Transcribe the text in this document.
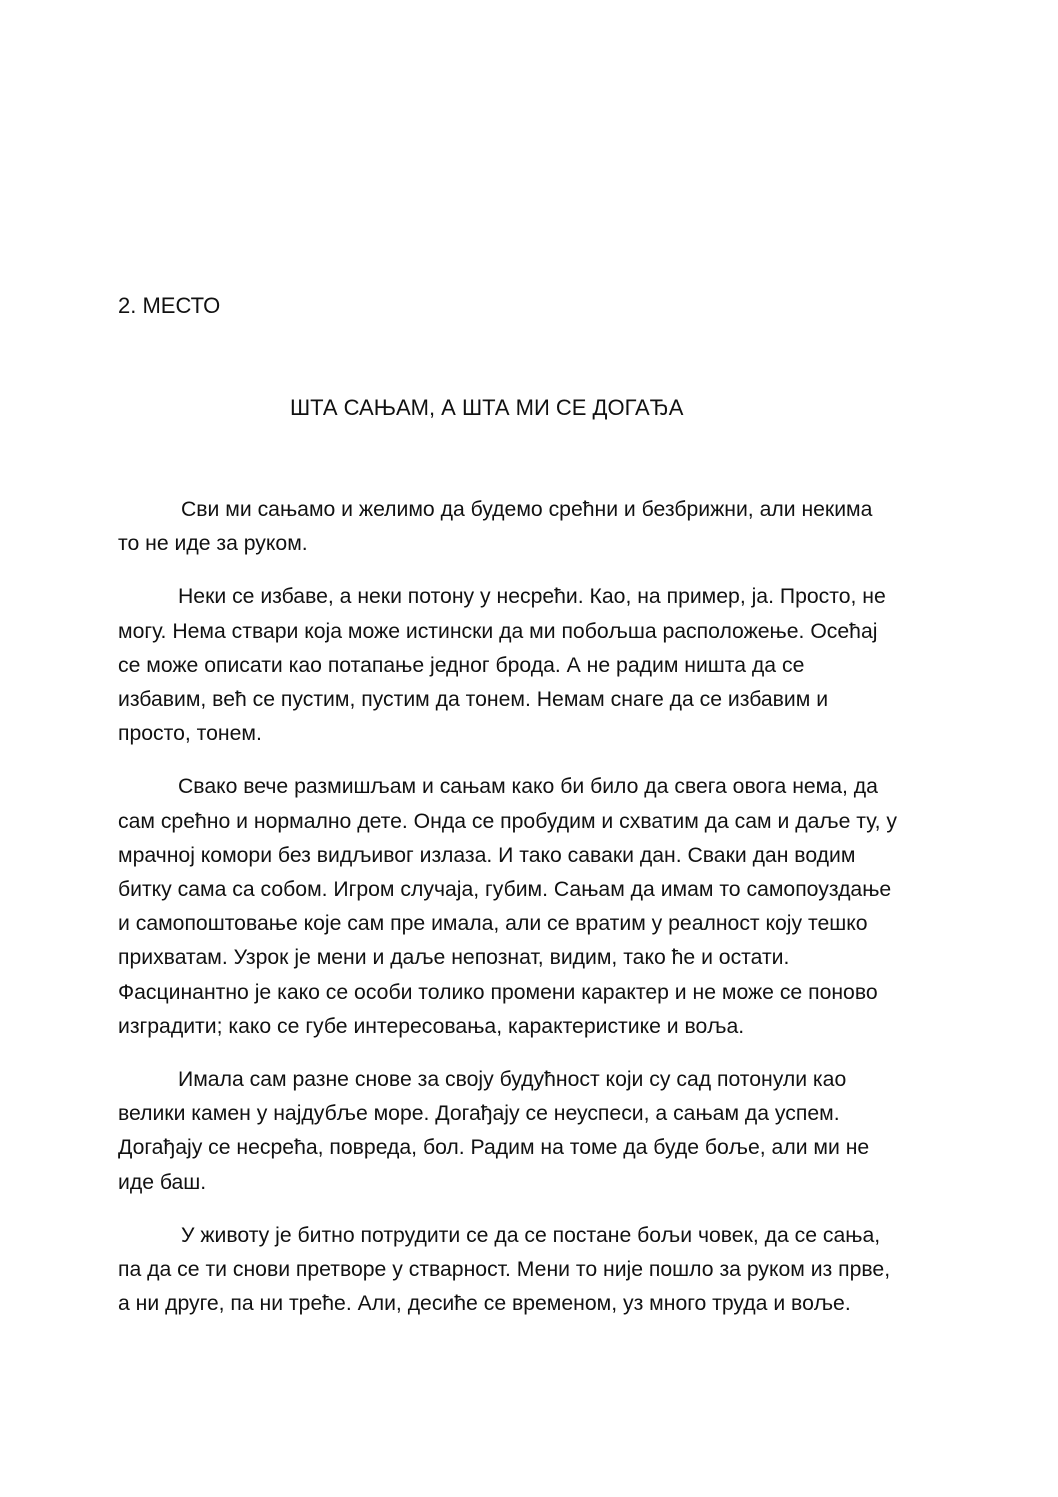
2. МЕСТО
ШТА САЊАМ, А ШТА МИ СЕ ДОГАЂА

Сви ми сањамо и желимо да будемо срећни и безбрижни, али некима
то не иде за руком.

Неки се избаве, а неки потону у несрећи. Као, на пример, ја. Просто, не
могу. Нема ствари која може истински да ми побољша расположење. Осећај
се може описати као потапање једног брода. А не радим ништа да се
избавим, већ се пустим, пустим да тонем. Немам снаге да се избавим и
просто, тонем.

Свако вече размишљам и сањам како би било да свега овога нема, да
сам срећно и нормално дете. Онда се пробудим и схватим да сам и даље ту, у
мрачној комори без видљивог излаза. И тако саваки дан. Сваки дан водим
битку сама са собом. Игром случаја, губим. Сањам да имам то самопоуздање
и самопоштовање које сам пре имала, али се вратим у реалност коју тешко
прихватам. Узрок је мени и даље непознат, видим, тако ће и остати.
Фасцинантно је како се особи толико промени карактер и не може се поново
изградити; како се губе интересовања, карактеристике и воља.

Имала сам разне снове за своју будућност који су сад потонули као
велики камен у најдубље море. Догађају се неуспеси, а сањам да успем.
Догађају се несрећа, повреда, бол. Радим на томе да буде боље, али ми не
иде баш.

У животу је битно потрудити се да се постане бољи човек, да се сања,
па да се ти снови претворе у стварност. Мени то није пошло за руком из прве,
а ни друге, па ни треће. Али, десиће се временом, уз много труда и воље.
